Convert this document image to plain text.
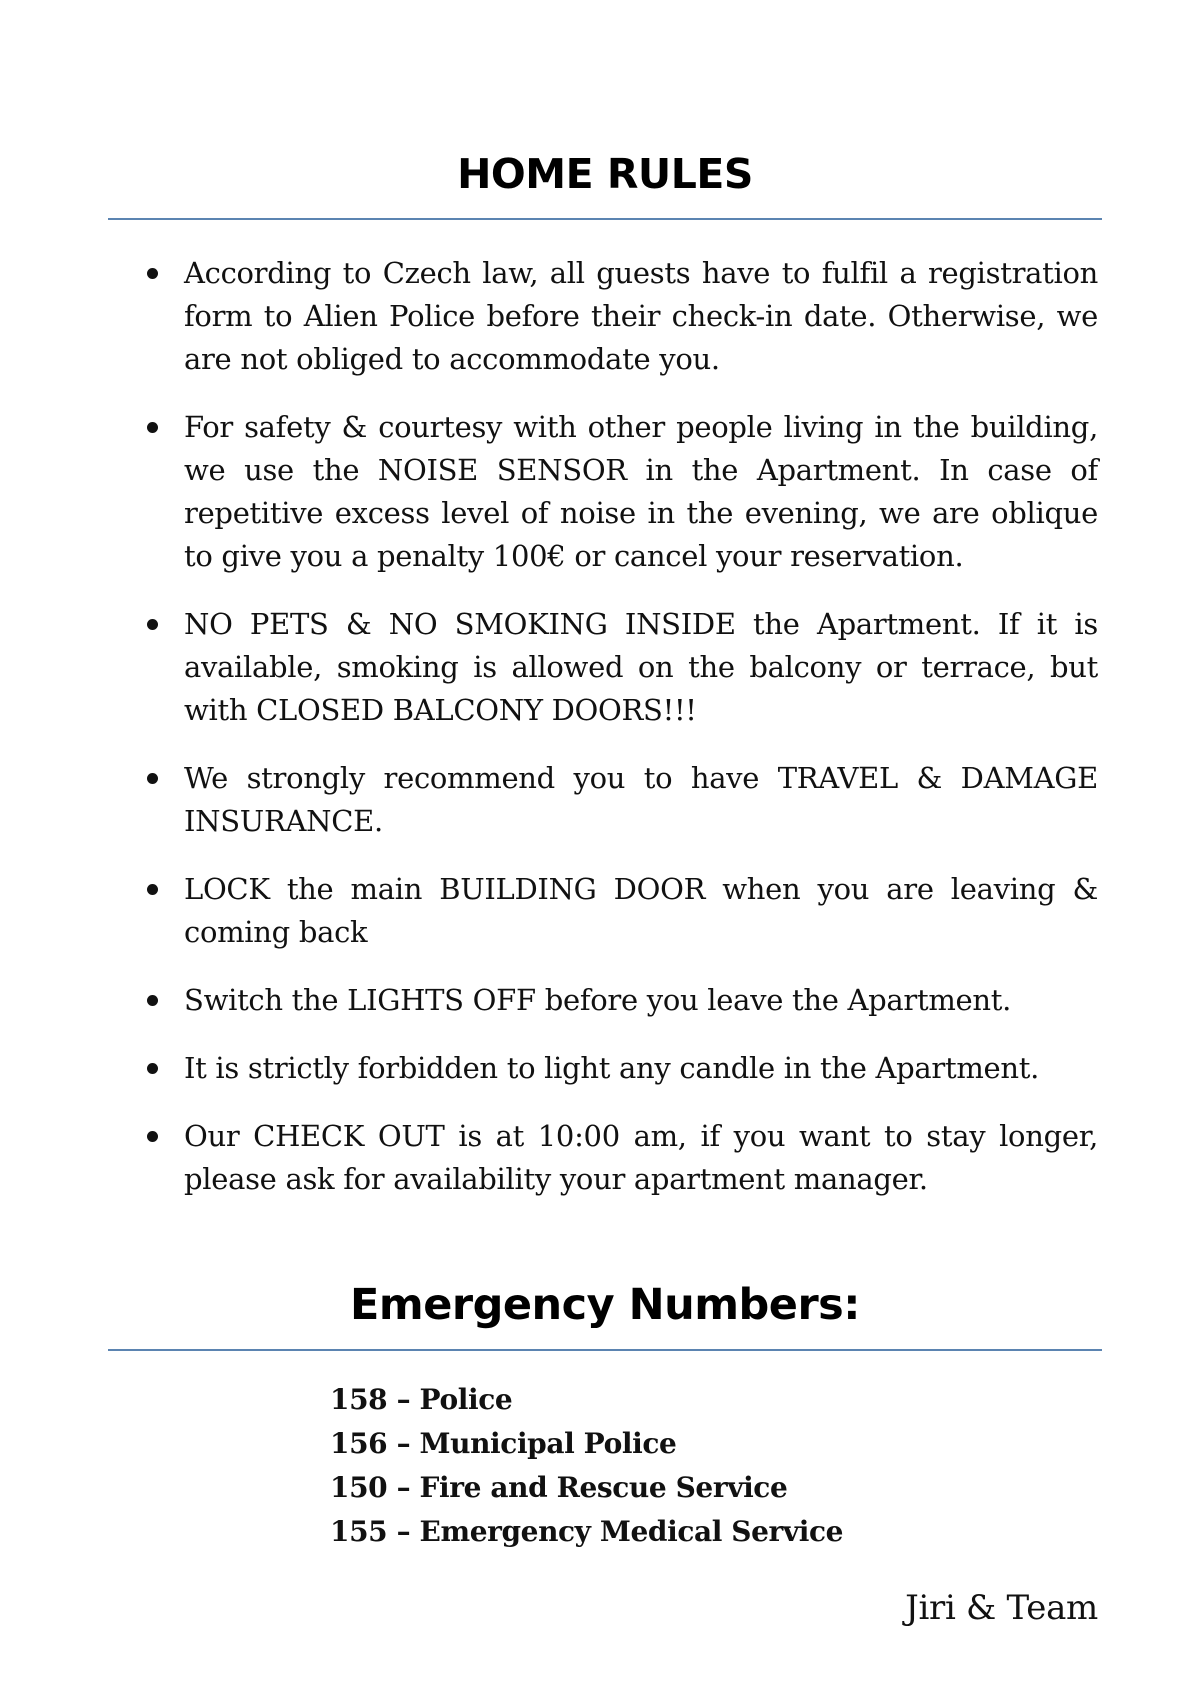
HOME RULES
According to Czech law, all guests have to fulfil a registration form to Alien Police before their check-in date. Otherwise, we are not obliged to accommodate you.
For safety & courtesy with other people living in the building, we use the NOISE SENSOR in the Apartment. In case of repetitive excess level of noise in the evening, we are oblique to give you a penalty 100€ or cancel your reservation.
NO PETS & NO SMOKING INSIDE the Apartment. If it is available, smoking is allowed on the balcony or terrace, but with CLOSED BALCONY DOORS!!!
We strongly recommend you to have TRAVEL & DAMAGE INSURANCE.
LOCK the main BUILDING DOOR when you are leaving & coming back
Switch the LIGHTS OFF before you leave the Apartment.
It is strictly forbidden to light any candle in the Apartment.
Our CHECK OUT is at 10:00 am, if you want to stay longer, please ask for availability your apartment manager.
Emergency Numbers:
158 – Police
156 – Municipal Police
150 – Fire and Rescue Service
155 – Emergency Medical Service
Jiri & Team
